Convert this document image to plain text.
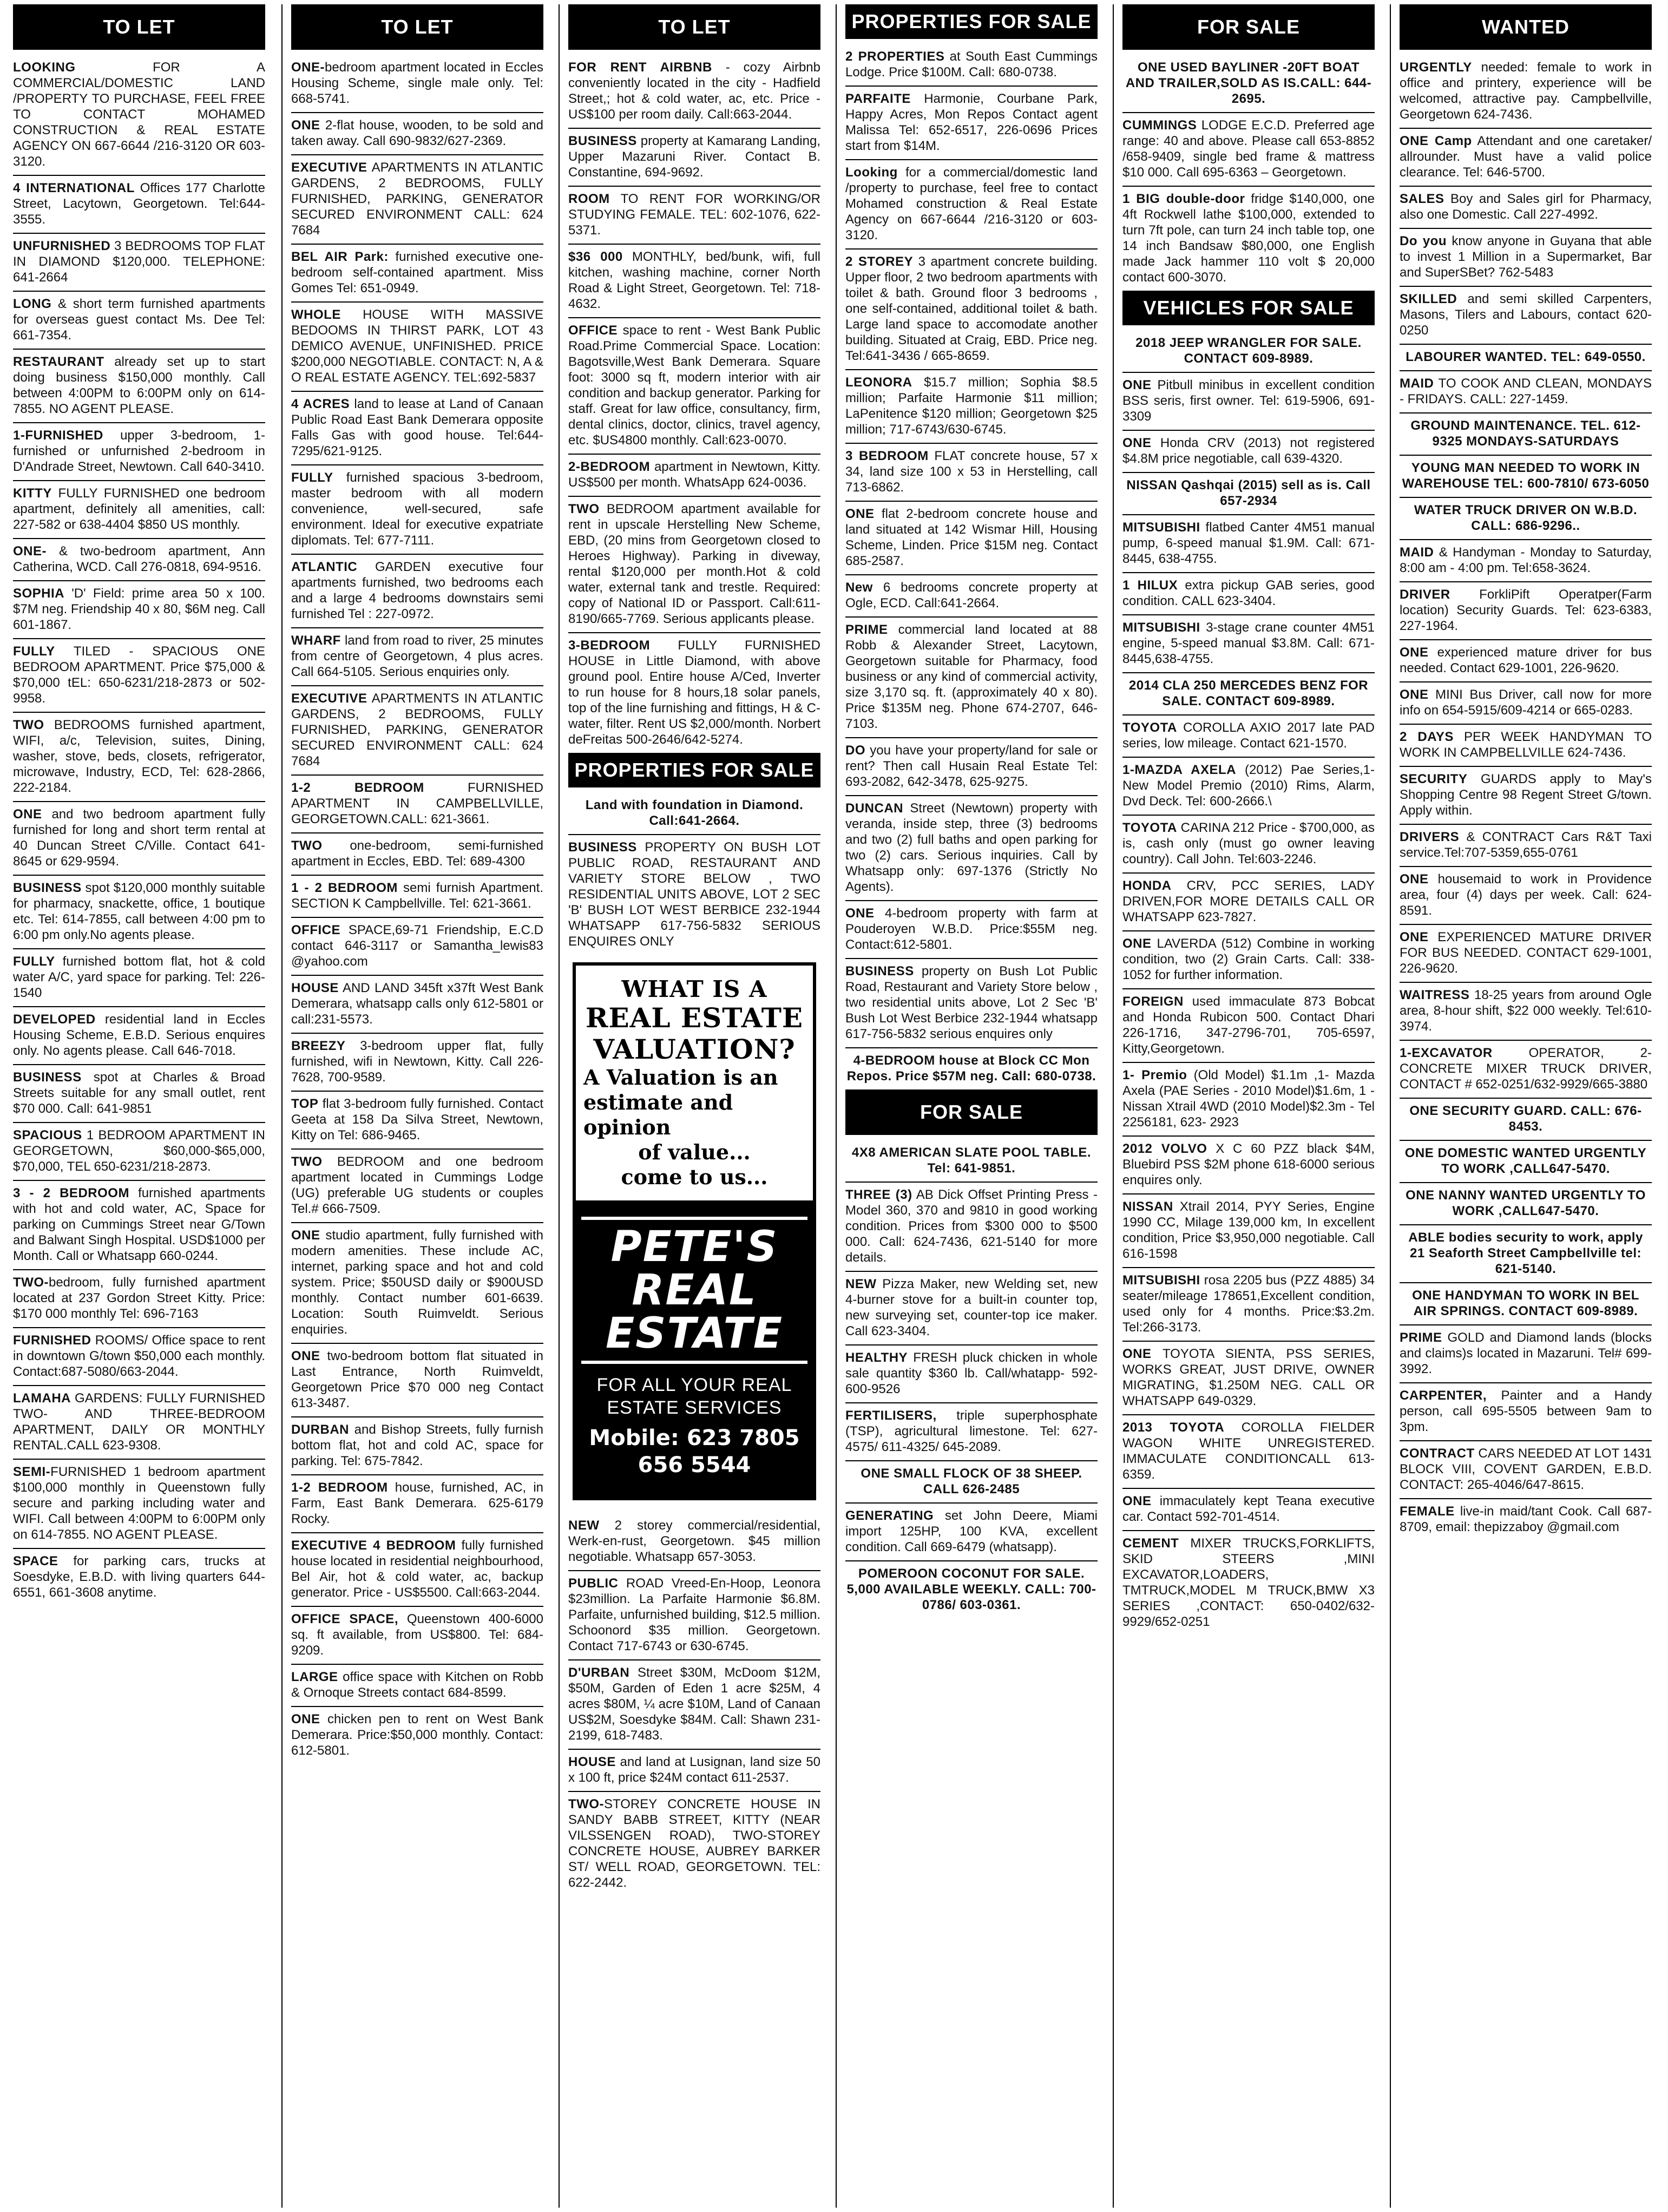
TO LET
LOOKING FOR A COMMERCIAL/DOMESTIC LAND /PROPERTY TO PURCHASE, FEEL FREE TO CONTACT MOHAMED CONSTRUCTION & REAL ESTATE AGENCY ON 667-6644 /216-3120 OR 603-3120.
4 INTERNATIONAL Offices 177 Charlotte Street, Lacytown, Georgetown. Tel:644-3555.
UNFURNISHED 3 BEDROOMS TOP FLAT IN DIAMOND $120,000. TELEPHONE: 641-2664
LONG & short term furnished apartments for overseas guest contact Ms. Dee Tel: 661-7354.
RESTAURANT already set up to start doing business $150,000 monthly. Call between 4:00PM to 6:00PM only on 614-7855. NO AGENT PLEASE.
1-FURNISHED upper 3-bedroom, 1-furnished or unfurnished 2-bedroom in D'Andrade Street, Newtown. Call 640-3410.
KITTY FULLY FURNISHED one bedroom apartment, definitely all amenities, call: 227-582 or 638-4404 $850 US monthly.
ONE- & two-bedroom apartment, Ann Catherina, WCD. Call 276-0818, 694-9516.
SOPHIA 'D' Field: prime area 50 x 100. $7M neg. Friendship 40 x 80, $6M neg. Call 601-1867.
FULLY TILED - SPACIOUS ONE BEDROOM APARTMENT. Price $75,000 & $70,000 tEL: 650-6231/218-2873 or 502-9958.
TWO BEDROOMS furnished apartment, WIFI, a/c, Television, suites, Dining, washer, stove, beds, closets, refrigerator, microwave, Industry, ECD, Tel: 628-2866, 222-2184.
ONE and two bedroom apartment fully furnished for long and short term rental at 40 Duncan Street C/Ville. Contact 641-8645 or 629-9594.
BUSINESS spot $120,000 monthly suitable for pharmacy, snackette, office, 1 boutique etc. Tel: 614-7855, call between 4:00 pm to 6:00 pm only.No agents please.
FULLY furnished bottom flat, hot & cold water A/C, yard space for parking. Tel: 226-1540
DEVELOPED residential land in Eccles Housing Scheme, E.B.D. Serious enquires only. No agents please. Call 646-7018.
BUSINESS spot at Charles & Broad Streets suitable for any small outlet, rent $70 000. Call: 641-9851
SPACIOUS 1 BEDROOM APARTMENT IN GEORGETOWN, $60,000-$65,000, $70,000, TEL 650-6231/218-2873.
3 - 2 BEDROOM furnished apartments with hot and cold water, AC, Space for parking on Cummings Street near G/Town and Balwant Singh Hospital. USD$1000 per Month. Call or Whatsapp 660-0244.
TWO-bedroom, fully furnished apartment located at 237 Gordon Street Kitty. Price: $170 000 monthly Tel: 696-7163
FURNISHED ROOMS/ Office space to rent in downtown G/town $50,000 each monthly. Contact:687-5080/663-2044.
LAMAHA GARDENS: FULLY FURNISHED TWO- AND THREE-BEDROOM APARTMENT, DAILY OR MONTHLY RENTAL.CALL 623-9308.
SEMI-FURNISHED 1 bedroom apartment $100,000 monthly in Queenstown fully secure and parking including water and WIFI. Call between 4:00PM to 6:00PM only on 614-7855. NO AGENT PLEASE.
SPACE for parking cars, trucks at Soesdyke, E.B.D. with living quarters 644-6551, 661-3608 anytime.
TO LET
ONE-bedroom apartment located in Eccles Housing Scheme, single male only. Tel: 668-5741.
ONE 2-flat house, wooden, to be sold and taken away. Call 690-9832/627-2369.
EXECUTIVE APARTMENTS IN ATLANTIC GARDENS, 2 BEDROOMS, FULLY FURNISHED, PARKING, GENERATOR SECURED ENVIRONMENT CALL: 624 7684
BEL AIR Park: furnished executive one-bedroom self-contained apartment. Miss Gomes Tel: 651-0949.
WHOLE HOUSE WITH MASSIVE BEDOOMS IN THIRST PARK, LOT 43 DEMICO AVENUE, UNFINISHED. PRICE $200,000 NEGOTIABLE. CONTACT: N, A & O REAL ESTATE AGENCY. TEL:692-5837
4 ACRES land to lease at Land of Canaan Public Road East Bank Demerara opposite Falls Gas with good house. Tel:644-7295/621-9125.
FULLY furnished spacious 3-bedroom, master bedroom with all modern convenience, well-secured, safe environment. Ideal for executive expatriate diplomats. Tel: 677-7111.
ATLANTIC GARDEN executive four apartments furnished, two bedrooms each and a large 4 bedrooms downstairs semi furnished Tel : 227-0972.
WHARF land from road to river, 25 minutes from centre of Georgetown, 4 plus acres. Call 664-5105. Serious enquiries only.
EXECUTIVE APARTMENTS IN ATLANTIC GARDENS, 2 BEDROOMS, FULLY FURNISHED, PARKING, GENERATOR SECURED ENVIRONMENT CALL: 624 7684
1-2 BEDROOM FURNISHED APARTMENT IN CAMPBELLVILLE, GEORGETOWN.CALL: 621-3661.
TWO one-bedroom, semi-furnished apartment in Eccles, EBD. Tel: 689-4300
1 - 2 BEDROOM semi furnish Apartment. SECTION K Campbellville. Tel: 621-3661.
OFFICE SPACE,69-71 Friendship, E.C.D contact 646-3117 or Samantha_lewis83 @yahoo.com
HOUSE AND LAND 345ft x37ft West Bank Demerara, whatsapp calls only 612-5801 or call:231-5573.
BREEZY 3-bedroom upper flat, fully furnished, wifi in Newtown, Kitty. Call 226-7628, 700-9589.
TOP flat 3-bedroom fully furnished. Contact Geeta at 158 Da Silva Street, Newtown, Kitty on Tel: 686-9465.
TWO BEDROOM and one bedroom apartment located in Cummings Lodge (UG) preferable UG students or couples Tel.# 666-7509.
ONE studio apartment, fully furnished with modern amenities. These include AC, internet, parking space and hot and cold system. Price; $50USD daily or $900USD monthly. Contact number 601-6639. Location: South Ruimveldt. Serious enquiries.
ONE two-bedroom bottom flat situated in Last Entrance, North Ruimveldt, Georgetown Price $70 000 neg Contact 613-3487.
DURBAN and Bishop Streets, fully furnish bottom flat, hot and cold AC, space for parking. Tel: 675-7842.
1-2 BEDROOM house, furnished, AC, in Farm, East Bank Demerara. 625-6179 Rocky.
EXECUTIVE 4 BEDROOM fully furnished house located in residential neighbourhood, Bel Air, hot & cold water, ac, backup generator. Price - US$5500. Call:663-2044.
OFFICE SPACE, Queenstown 400-6000 sq. ft available, from US$800. Tel: 684-9209.
LARGE office space with Kitchen on Robb & Ornoque Streets contact 684-8599.
ONE chicken pen to rent on West Bank Demerara. Price:$50,000 monthly. Contact: 612-5801.
TO LET
FOR RENT AIRBNB - cozy Airbnb conveniently located in the city - Hadfield Street,; hot & cold water, ac, etc. Price - US$100 per room daily. Call:663-2044.
BUSINESS property at Kamarang Landing, Upper Mazaruni River. Contact B. Constantine, 694-9692.
ROOM TO RENT FOR WORKING/OR STUDYING FEMALE. TEL: 602-1076, 622-5371.
$36 000 MONTHLY, bed/bunk, wifi, full kitchen, washing machine, corner North Road & Light Street, Georgetown. Tel: 718-4632.
OFFICE space to rent - West Bank Public Road.Prime Commercial Space. Location: Bagotsville,West Bank Demerara. Square foot: 3000 sq ft, modern interior with air condition and backup generator. Parking for staff. Great for law office, consultancy, firm, dental clinics, doctor, clinics, travel agency, etc. $US4800 monthly. Call:623-0070.
2-BEDROOM apartment in Newtown, Kitty. US$500 per month. WhatsApp 624-0036.
TWO BEDROOM apartment available for rent in upscale Herstelling New Scheme, EBD, (20 mins from Georgetown closed to Heroes Highway). Parking in diveway, rental $120,000 per month.Hot & cold water, external tank and trestle. Required: copy of National ID or Passport. Call:611-8190/665-7769. Serious applicants please.
3-BEDROOM FULLY FURNISHED HOUSE in Little Diamond, with above ground pool. Entire house A/Ced, Inverter to run house for 8 hours,18 solar panels, top of the line furnishing and fittings, H & C- water, filter. Rent US $2,000/month. Norbert deFreitas 500-2646/642-5274.
PROPERTIES FOR SALE
Land with foundation in Diamond. Call:641-2664.
BUSINESS PROPERTY ON BUSH LOT PUBLIC ROAD, RESTAURANT AND VARIETY STORE BELOW , TWO RESIDENTIAL UNITS ABOVE, LOT 2 SEC 'B' BUSH LOT WEST BERBICE 232-1944 WHATSAPP 617-756-5832 SERIOUS ENQUIRES ONLY
WHAT IS A
REAL ESTATE
VALUATION?
A Valuation is an
estimate and opinion
of value...
come to us...
PETE'S
REAL ESTATE
FOR ALL YOUR REAL
ESTATE SERVICES
Mobile: 623 7805
656 5544
NEW 2 storey commercial/residential, Werk-en-rust, Georgetown. $45 million negotiable. Whatsapp 657-3053.
PUBLIC ROAD Vreed-En-Hoop, Leonora $23million. La Parfaite Harmonie $6.8M. Parfaite, unfurnished building, $12.5 million. Schoonord $35 million. Georgetown. Contact 717-6743 or 630-6745.
D'URBAN Street $30M, McDoom $12M, $50M, Garden of Eden 1 acre $25M, 4 acres $80M, ¼ acre $10M, Land of Canaan US$2M, Soesdyke $84M. Call: Shawn 231-2199, 618-7483.
HOUSE and land at Lusignan, land size 50 x 100 ft, price $24M contact 611-2537.
TWO-STOREY CONCRETE HOUSE IN SANDY BABB STREET, KITTY (NEAR VILSSENGEN ROAD), TWO-STOREY CONCRETE HOUSE, AUBREY BARKER ST/ WELL ROAD, GEORGETOWN. TEL: 622-2442.
PROPERTIES FOR SALE
2 PROPERTIES at South East Cummings Lodge. Price $100M. Call: 680-0738.
PARFAITE Harmonie, Courbane Park, Happy Acres, Mon Repos Contact agent Malissa Tel: 652-6517, 226-0696 Prices start from $14M.
Looking for a commercial/domestic land /property to purchase, feel free to contact Mohamed construction & Real Estate Agency on 667-6644 /216-3120 or 603-3120.
2 STOREY 3 apartment concrete building. Upper floor, 2 two bedroom apartments with toilet & bath. Ground floor 3 bedrooms , one self-contained, additional toilet & bath. Large land space to accomodate another building. Situated at Craig, EBD. Price neg. Tel:641-3436 / 665-8659.
LEONORA $15.7 million; Sophia $8.5 million; Parfaite Harmonie $11 million; LaPenitence $120 million; Georgetown $25 million; 717-6743/630-6745.
3 BEDROOM FLAT concrete house, 57 x 34, land size 100 x 53 in Herstelling, call 713-6862.
ONE flat 2-bedroom concrete house and land situated at 142 Wismar Hill, Housing Scheme, Linden. Price $15M neg. Contact 685-2587.
New 6 bedrooms concrete property at Ogle, ECD. Call:641-2664.
PRIME commercial land located at 88 Robb & Alexander Street, Lacytown, Georgetown suitable for Pharmacy, food business or any kind of commercial activity, size 3,170 sq. ft. (approximately 40 x 80). Price $135M neg. Phone 674-2707, 646-7103.
DO you have your property/land for sale or rent? Then call Husain Real Estate Tel: 693-2082, 642-3478, 625-9275.
DUNCAN Street (Newtown) property with veranda, inside step, three (3) bedrooms and two (2) full baths and open parking for two (2) cars. Serious inquiries. Call by Whatsapp only: 697-1376 (Strictly No Agents).
ONE 4-bedroom property with farm at Pouderoyen W.B.D. Price:$55M neg. Contact:612-5801.
BUSINESS property on Bush Lot Public Road, Restaurant and Variety Store below , two residential units above, Lot 2 Sec 'B' Bush Lot West Berbice 232-1944 whatsapp 617-756-5832 serious enquires only
4-BEDROOM house at Block CC Mon Repos. Price $57M neg. Call: 680-0738.
FOR SALE
4X8 AMERICAN SLATE POOL TABLE. Tel: 641-9851.
THREE (3) AB Dick Offset Printing Press - Model 360, 370 and 9810 in good working condition. Prices from $300 000 to $500 000. Call: 624-7436, 621-5140 for more details.
NEW Pizza Maker, new Welding set, new 4-burner stove for a built-in counter top, new surveying set, counter-top ice maker. Call 623-3404.
HEALTHY FRESH pluck chicken in whole sale quantity $360 lb. Call/whatapp- 592-600-9526
FERTILISERS, triple superphosphate (TSP), agricultural limestone. Tel: 627-4575/ 611-4325/ 645-2089.
ONE SMALL FLOCK OF 38 SHEEP. CALL 626-2485
GENERATING set John Deere, Miami import 125HP, 100 KVA, excellent condition. Call 669-6479 (whatsapp).
POMEROON COCONUT FOR SALE. 5,000 AVAILABLE WEEKLY. CALL: 700-0786/ 603-0361.
FOR SALE
ONE USED BAYLINER -20FT BOAT AND TRAILER,SOLD AS IS.CALL: 644-2695.
CUMMINGS LODGE E.C.D. Preferred age range: 40 and above. Please call 653-8852 /658-9409, single bed frame & mattress $10 000. Call 695-6363 – Georgetown.
1 BIG double-door fridge $140,000, one 4ft Rockwell lathe $100,000, extended to turn 7ft pole, can turn 24 inch table top, one 14 inch Bandsaw $80,000, one English made Jack hammer 110 volt $ 20,000 contact 600-3070.
VEHICLES FOR SALE
2018 JEEP WRANGLER FOR SALE. CONTACT 609-8989.
ONE Pitbull minibus in excellent condition BSS seris, first owner. Tel: 619-5906, 691-3309
ONE Honda CRV (2013) not registered $4.8M price negotiable, call 639-4320.
NISSAN Qashqai (2015) sell as is. Call 657-2934
MITSUBISHI flatbed Canter 4M51 manual pump, 6-speed manual $1.9M. Call: 671-8445, 638-4755.
1 HILUX extra pickup GAB series, good condition. CALL 623-3404.
MITSUBISHI 3-stage crane counter 4M51 engine, 5-speed manual $3.8M. Call: 671-8445,638-4755.
2014 CLA 250 MERCEDES BENZ FOR SALE. CONTACT 609-8989.
TOYOTA COROLLA AXIO 2017 late PAD series, low mileage. Contact 621-1570.
1-MAZDA AXELA (2012) Pae Series,1- New Model Premio (2010) Rims, Alarm, Dvd Deck. Tel: 600-2666.\
TOYOTA CARINA 212 Price - $700,000, as is, cash only (must go owner leaving country). Call John. Tel:603-2246.
HONDA CRV, PCC SERIES, LADY DRIVEN,FOR MORE DETAILS CALL OR WHATSAPP 623-7827.
ONE LAVERDA (512) Combine in working condition, two (2) Grain Carts. Call: 338-1052 for further information.
FOREIGN used immaculate 873 Bobcat and Honda Rubicon 500. Contact Dhari 226-1716, 347-2796-701, 705-6597, Kitty,Georgetown.
1- Premio (Old Model) $1.1m ,1- Mazda Axela (PAE Series - 2010 Model)$1.6m, 1 - Nissan Xtrail 4WD (2010 Model)$2.3m - Tel 2256181, 623- 2923
2012 VOLVO X C 60 PZZ black $4M, Bluebird PSS $2M phone 618-6000 serious enquires only.
NISSAN Xtrail 2014, PYY Series, Engine 1990 CC, Milage 139,000 km, In excellent condition, Price $3,950,000 negotiable. Call 616-1598
MITSUBISHI rosa 2205 bus (PZZ 4885) 34 seater/mileage 178651,Excellent condition, used only for 4 months. Price:$3.2m. Tel:266-3173.
ONE TOYOTA SIENTA, PSS SERIES, WORKS GREAT, JUST DRIVE, OWNER MIGRATING, $1.250M NEG. CALL OR WHATSAPP 649-0329.
2013 TOYOTA COROLLA FIELDER WAGON WHITE UNREGISTERED. IMMACULATE CONDITIONCALL 613-6359.
ONE immaculately kept Teana executive car. Contact 592-701-4514.
CEMENT MIXER TRUCKS,FORKLIFTS, SKID STEERS ,MINI EXCAVATOR,LOADERS, TMTRUCK,MODEL M TRUCK,BMW X3 SERIES ,CONTACT: 650-0402/632-9929/652-0251
WANTED
URGENTLY needed: female to work in office and printery, experience will be welcomed, attractive pay. Campbellville, Georgetown 624-7436.
ONE Camp Attendant and one caretaker/ allrounder. Must have a valid police clearance. Tel: 646-5700.
SALES Boy and Sales girl for Pharmacy, also one Domestic. Call 227-4992.
Do you know anyone in Guyana that able to invest 1 Million in a Supermarket, Bar and SuperSBet? 762-5483
SKILLED and semi skilled Carpenters, Masons, Tilers and Labours, contact 620-0250
LABOURER WANTED. TEL: 649-0550.
MAID TO COOK AND CLEAN, MONDAYS - FRIDAYS. CALL: 227-1459.
GROUND MAINTENANCE. TEL. 612-9325 MONDAYS-SATURDAYS
YOUNG MAN NEEDED TO WORK IN WAREHOUSE TEL: 600-7810/ 673-6050
WATER TRUCK DRIVER ON W.B.D. CALL: 686-9296..
MAID & Handyman - Monday to Saturday, 8:00 am - 4:00 pm. Tel:658-3624.
DRIVER ForkliPift Operatper(Farm location) Security Guards. Tel: 623-6383, 227-1964.
ONE experienced mature driver for bus needed. Contact 629-1001, 226-9620.
ONE MINI Bus Driver, call now for more info on 654-5915/609-4214 or 665-0283.
2 DAYS PER WEEK HANDYMAN TO WORK IN CAMPBELLVILLE 624-7436.
SECURITY GUARDS apply to May's Shopping Centre 98 Regent Street G/town. Apply within.
DRIVERS & CONTRACT Cars R&T Taxi service.Tel:707-5359,655-0761
ONE housemaid to work in Providence area, four (4) days per week. Call: 624-8591.
ONE EXPERIENCED MATURE DRIVER FOR BUS NEEDED. CONTACT 629-1001, 226-9620.
WAITRESS 18-25 years from around Ogle area, 8-hour shift, $22 000 weekly. Tel:610-3974.
1-EXCAVATOR OPERATOR, 2- CONCRETE MIXER TRUCK DRIVER, CONTACT # 652-0251/632-9929/665-3880
ONE SECURITY GUARD. CALL: 676-8453.
ONE DOMESTIC WANTED URGENTLY TO WORK ,CALL647-5470.
ONE NANNY WANTED URGENTLY TO WORK ,CALL647-5470.
ABLE bodies security to work, apply 21 Seaforth Street Campbellville tel: 621-5140.
ONE HANDYMAN TO WORK IN BEL AIR SPRINGS. CONTACT 609-8989.
PRIME GOLD and Diamond lands (blocks and claims)s located in Mazaruni. Tel# 699-3992.
CARPENTER, Painter and a Handy person, call 695-5505 between 9am to 3pm.
CONTRACT CARS NEEDED AT LOT 1431 BLOCK VIII, COVENT GARDEN, E.B.D. CONTACT: 265-4046/647-8615.
FEMALE live-in maid/tant Cook. Call 687-8709, email: thepizzaboy @gmail.com
